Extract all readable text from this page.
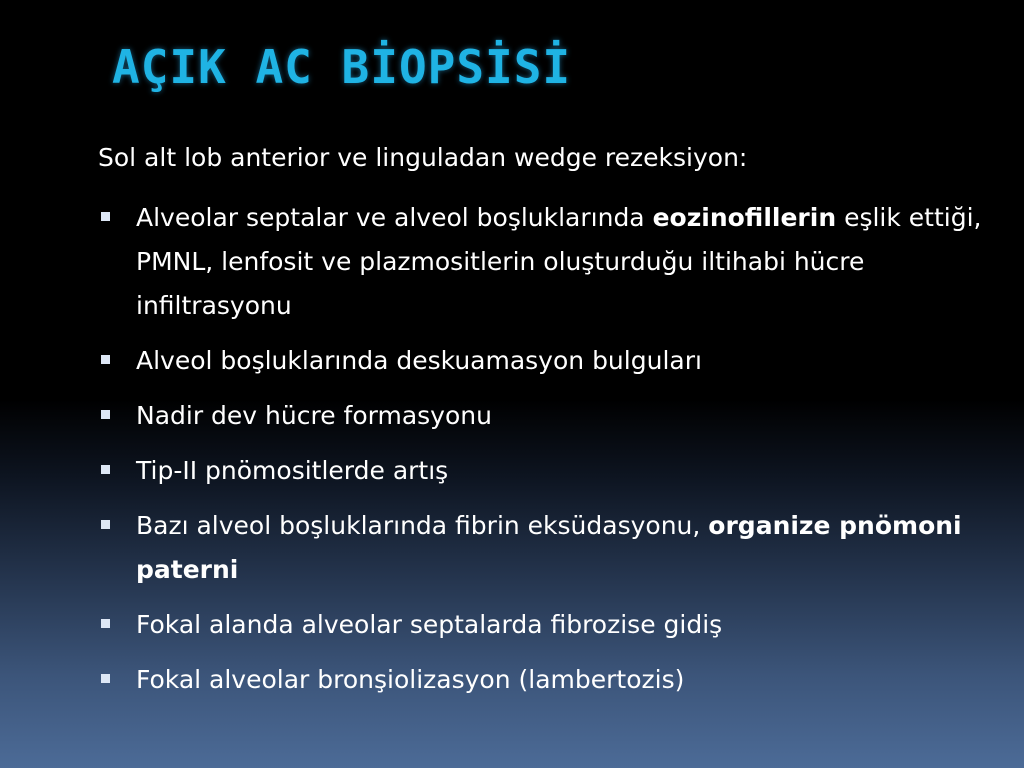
AÇIK AC BİOPSİSİ
Sol alt lob anterior ve linguladan wedge rezeksiyon:
Alveolar septalar ve alveol boşluklarında eozinofillerin eşlik ettiği, PMNL, lenfosit ve plazmositlerin oluşturduğu iltihabi hücre infiltrasyonu
Alveol boşluklarında deskuamasyon bulguları
Nadir dev hücre formasyonu
Tip-II pnömositlerde artış
Bazı alveol boşluklarında fibrin eksüdasyonu, organize pnömoni paterni
Fokal alanda alveolar septalarda fibrozise gidiş
Fokal alveolar bronşiolizasyon (lambertozis)
